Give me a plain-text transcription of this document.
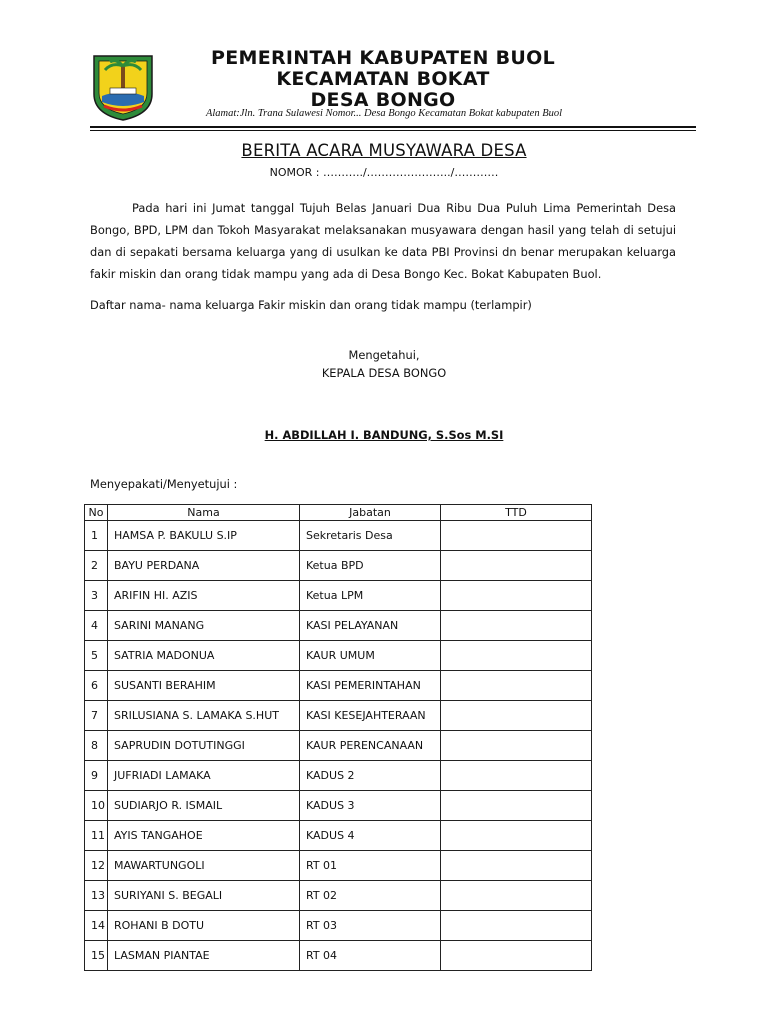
PEMERINTAH KABUPATEN BUOL
KECAMATAN BOKAT
DESA BONGO
Alamat:Jln. Trana Sulawesi Nomor... Desa Bongo Kecamatan Bokat kabupaten Buol
BERITA ACARA MUSYAWARA DESA
NOMOR : ………../…………………../…………
Pada hari ini Jumat tanggal Tujuh Belas Januari Dua Ribu Dua Puluh Lima Pemerintah Desa Bongo, BPD, LPM dan Tokoh Masyarakat melaksanakan musyawara dengan hasil yang telah di setujui dan di sepakati bersama keluarga yang di usulkan ke data PBI Provinsi dn benar merupakan keluarga fakir miskin dan orang tidak mampu yang ada di Desa Bongo Kec. Bokat Kabupaten Buol.
Daftar nama- nama keluarga Fakir miskin dan orang tidak mampu (terlampir)
Mengetahui,
KEPALA DESA BONGO
H. ABDILLAH I. BANDUNG, S.Sos M.SI
Menyepakati/Menyetujui :
No	Nama	Jabatan	TTD
1	HAMSA P. BAKULU S.IP	Sekretaris Desa	
2	BAYU PERDANA	Ketua BPD	
3	ARIFIN HI. AZIS	Ketua LPM	
4	SARINI MANANG	KASI PELAYANAN	
5	SATRIA MADONUA	KAUR UMUM	
6	SUSANTI BERAHIM	KASI PEMERINTAHAN	
7	SRILUSIANA S. LAMAKA S.HUT	KASI KESEJAHTERAAN	
8	SAPRUDIN DOTUTINGGI	KAUR PERENCANAAN	
9	JUFRIADI LAMAKA	KADUS 2	
10	SUDIARJO R. ISMAIL	KADUS 3	
11	AYIS TANGAHOE	KADUS 4	
12	MAWARTUNGOLI	RT 01	
13	SURIYANI S. BEGALI	RT 02	
14	ROHANI B DOTU	RT 03	
15	LASMAN PIANTAE	RT 04	
